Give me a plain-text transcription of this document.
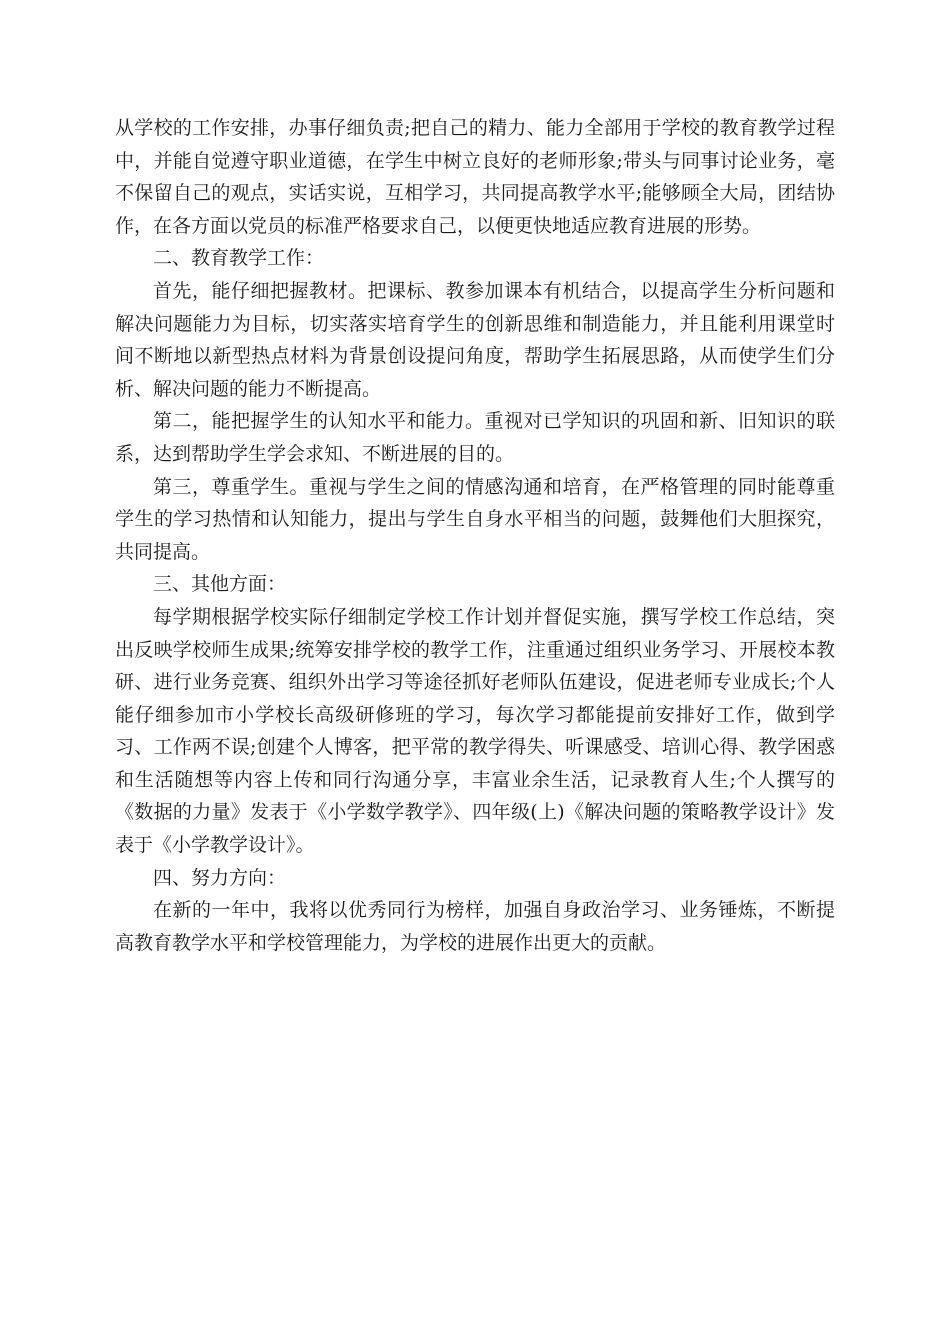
从学校的工作安排，办事仔细负责;把自己的精力、能力全部用于学校的教育教学过程中，并能自觉遵守职业道德，在学生中树立良好的老师形象;带头与同事讨论业务，毫不保留自己的观点，实话实说，互相学习，共同提高教学水平;能够顾全大局，团结协作，在各方面以党员的标准严格要求自己，以便更快地适应教育进展的形势。

二、教育教学工作：

首先，能仔细把握教材。把课标、教参加课本有机结合，以提高学生分析问题和解决问题能力为目标，切实落实培育学生的创新思维和制造能力，并且能利用课堂时间不断地以新型热点材料为背景创设提问角度，帮助学生拓展思路，从而使学生们分析、解决问题的能力不断提高。

第二，能把握学生的认知水平和能力。重视对已学知识的巩固和新、旧知识的联系，达到帮助学生学会求知、不断进展的目的。

第三，尊重学生。重视与学生之间的情感沟通和培育，在严格管理的同时能尊重学生的学习热情和认知能力，提出与学生自身水平相当的问题，鼓舞他们大胆探究，共同提高。

三、其他方面：

每学期根据学校实际仔细制定学校工作计划并督促实施，撰写学校工作总结，突出反映学校师生成果;统筹安排学校的教学工作，注重通过组织业务学习、开展校本教研、进行业务竞赛、组织外出学习等途径抓好老师队伍建设，促进老师专业成长;个人能仔细参加市小学校长高级研修班的学习，每次学习都能提前安排好工作，做到学习、工作两不误;创建个人博客，把平常的教学得失、听课感受、培训心得、教学困惑和生活随想等内容上传和同行沟通分享，丰富业余生活，记录教育人生;个人撰写的《数据的力量》发表于《小学数学教学》、四年级(上)《解决问题的策略教学设计》发表于《小学教学设计》。

四、努力方向：

在新的一年中，我将以优秀同行为榜样，加强自身政治学习、业务锤炼，不断提高教育教学水平和学校管理能力，为学校的进展作出更大的贡献。
